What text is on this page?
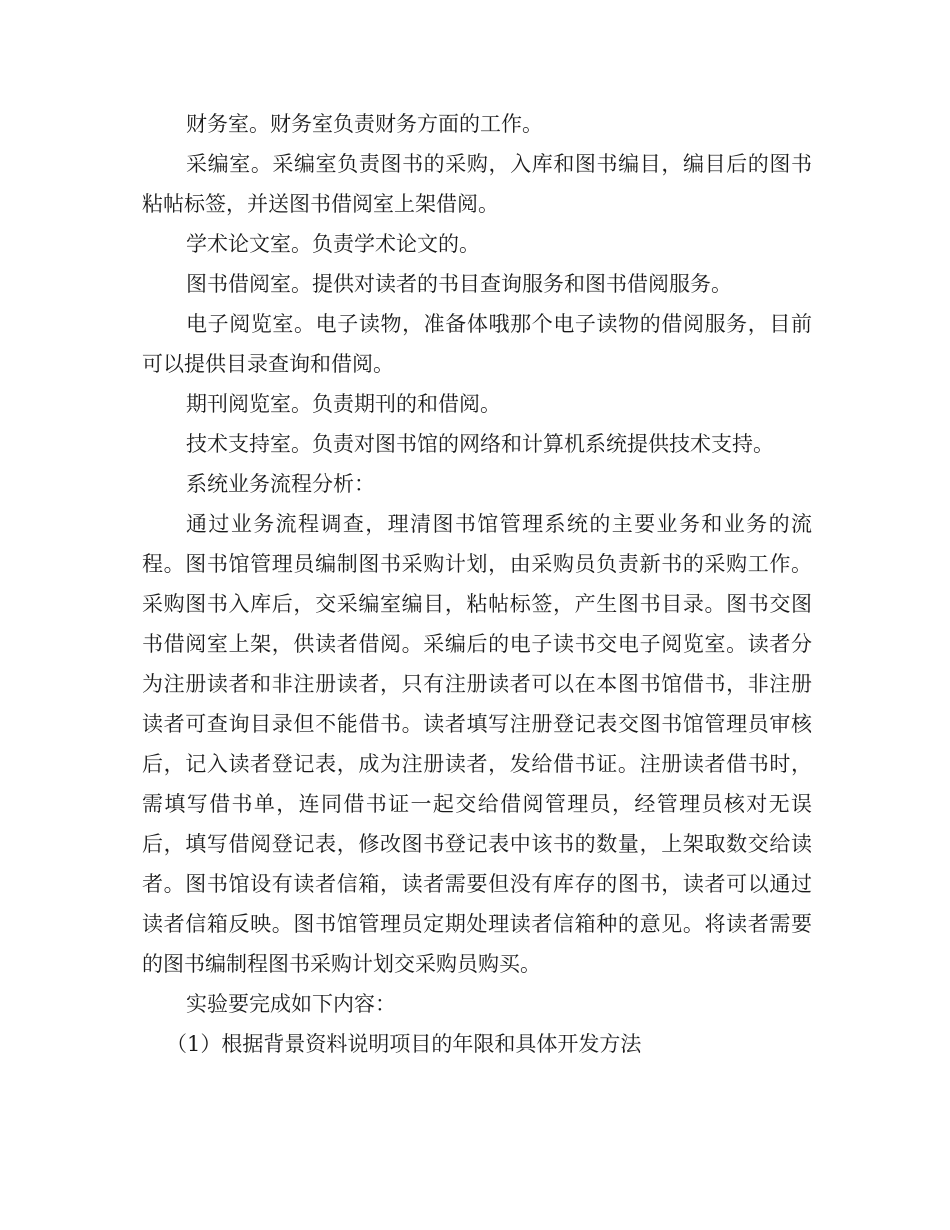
财务室。财务室负责财务方面的工作。

采编室。采编室负责图书的采购，入库和图书编目，编目后的图书粘帖标签，并送图书借阅室上架借阅。

学术论文室。负责学术论文的。

图书借阅室。提供对读者的书目查询服务和图书借阅服务。

电子阅览室。电子读物，准备体哦那个电子读物的借阅服务，目前可以提供目录查询和借阅。

期刊阅览室。负责期刊的和借阅。

技术支持室。负责对图书馆的网络和计算机系统提供技术支持。

系统业务流程分析：

通过业务流程调查，理清图书馆管理系统的主要业务和业务的流程。图书馆管理员编制图书采购计划，由采购员负责新书的采购工作。采购图书入库后，交采编室编目，粘帖标签，产生图书目录。图书交图书借阅室上架，供读者借阅。采编后的电子读书交电子阅览室。读者分为注册读者和非注册读者，只有注册读者可以在本图书馆借书，非注册读者可查询目录但不能借书。读者填写注册登记表交图书馆管理员审核后，记入读者登记表，成为注册读者，发给借书证。注册读者借书时，需填写借书单，连同借书证一起交给借阅管理员，经管理员核对无误后，填写借阅登记表，修改图书登记表中该书的数量，上架取数交给读者。图书馆设有读者信箱，读者需要但没有库存的图书，读者可以通过读者信箱反映。图书馆管理员定期处理读者信箱种的意见。将读者需要的图书编制程图书采购计划交采购员购买。

实验要完成如下内容：

（1）根据背景资料说明项目的年限和具体开发方法
